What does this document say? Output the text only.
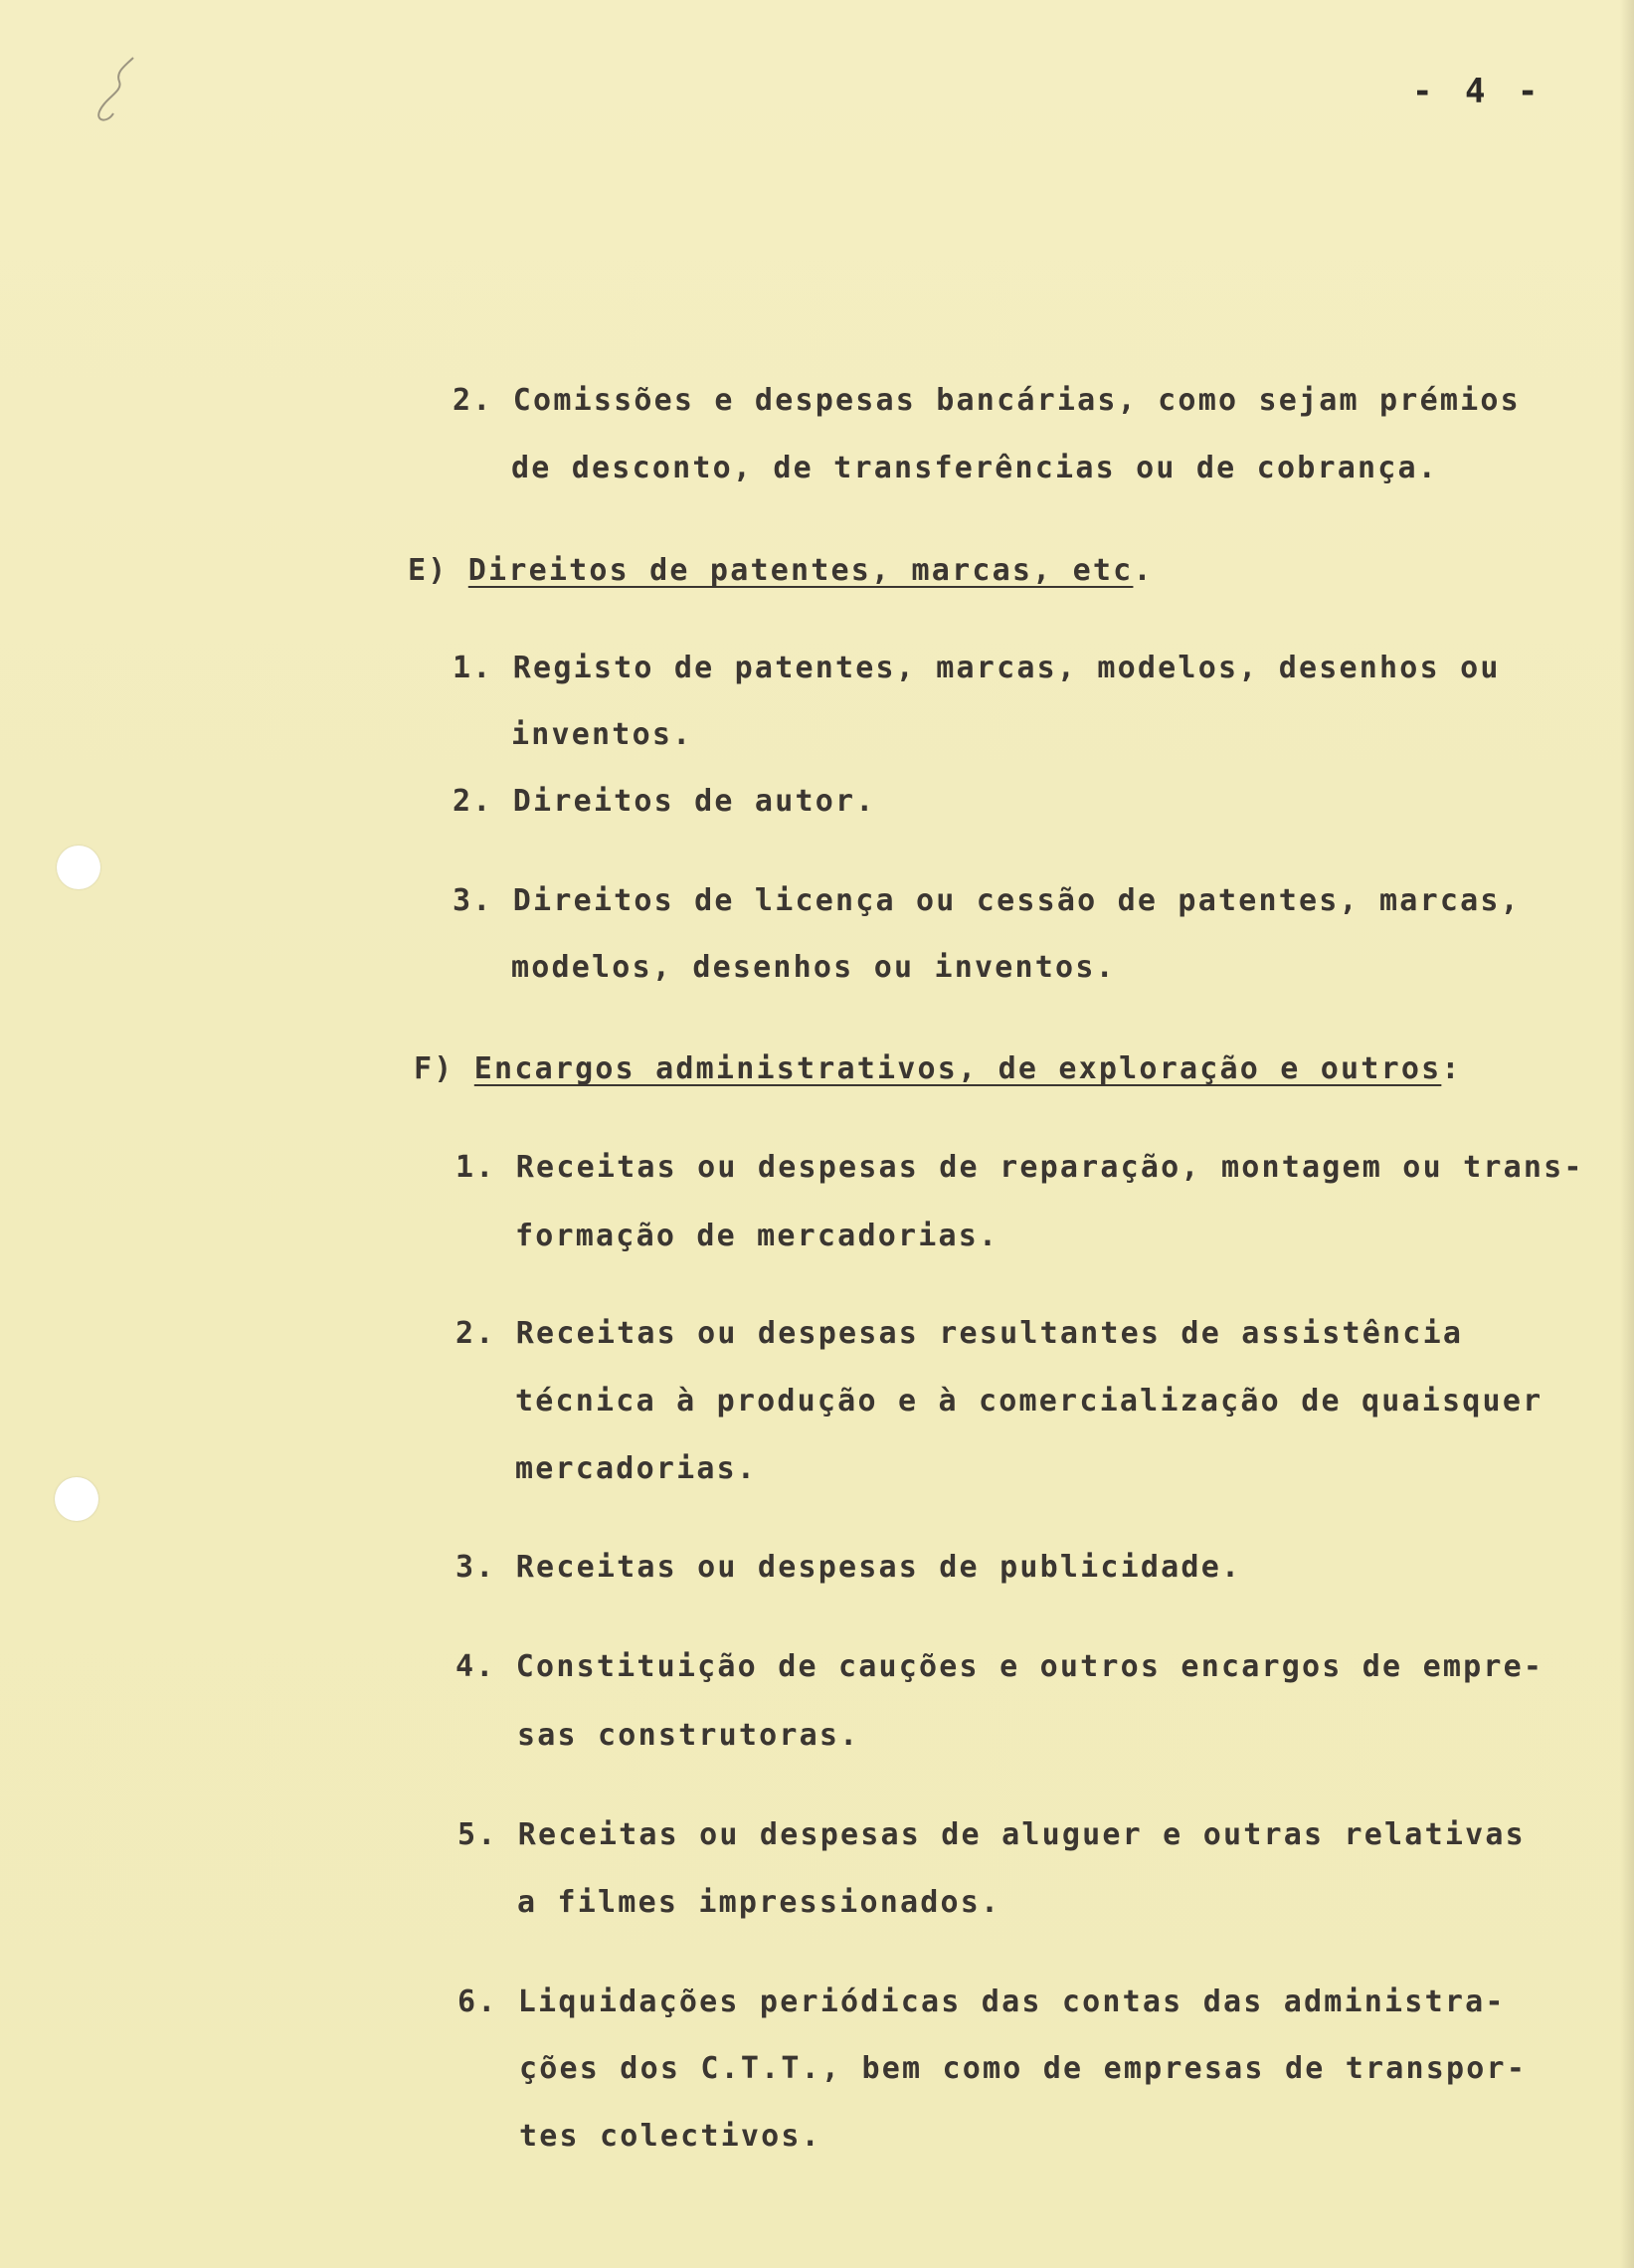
- 4 -
2. Comissões e despesas bancárias, como sejam prémios
de desconto, de transferências ou de cobrança.
E) Direitos de patentes, marcas, etc.
1. Registo de patentes, marcas, modelos, desenhos ou
inventos.
2. Direitos de autor.
3. Direitos de licença ou cessão de patentes, marcas,
modelos, desenhos ou inventos.
F) Encargos administrativos, de exploração e outros:
1. Receitas ou despesas de reparação, montagem ou trans-
formação de mercadorias.
2. Receitas ou despesas resultantes de assistência
técnica à produção e à comercialização de quaisquer
mercadorias.
3. Receitas ou despesas de publicidade.
4. Constituição de cauções e outros encargos de empre-
sas construtoras.
5. Receitas ou despesas de aluguer e outras relativas
a filmes impressionados.
6. Liquidações periódicas das contas das administra-
ções dos C.T.T., bem como de empresas de transpor-
tes colectivos.
